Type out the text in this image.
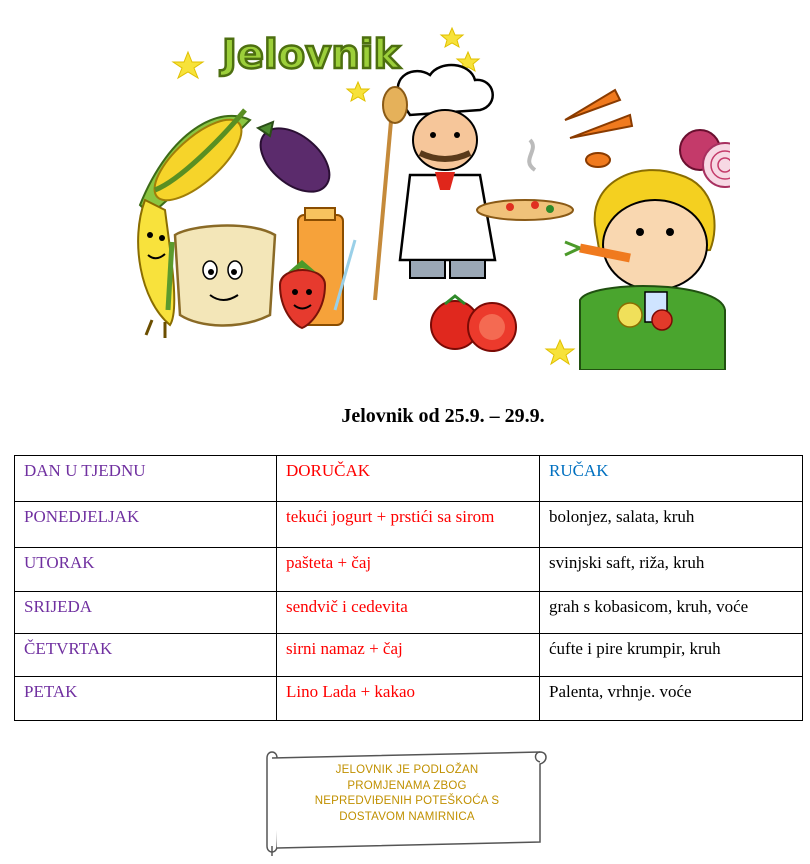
Jelovnik
Jelovnik od 25.9. – 29.9.
DAN U TJEDNU	DORUČAK	RUČAK
PONEDJELJAK	tekući jogurt + prstići sa sirom	bolonjez, salata, kruh
UTORAK	pašteta + čaj	svinjski saft, riža, kruh
SRIJEDA	sendvič i cedevita	grah s kobasicom, kruh, voće
ČETVRTAK	sirni namaz + čaj	ćufte i pire krumpir, kruh
PETAK	Lino Lada + kakao	Palenta, vrhnje. voće
JELOVNIK JE PODLOŽAN
PROMJENAMA ZBOG
NEPREDVIĐENIH POTEŠKOĆA S
DOSTAVOM NAMIRNICA
